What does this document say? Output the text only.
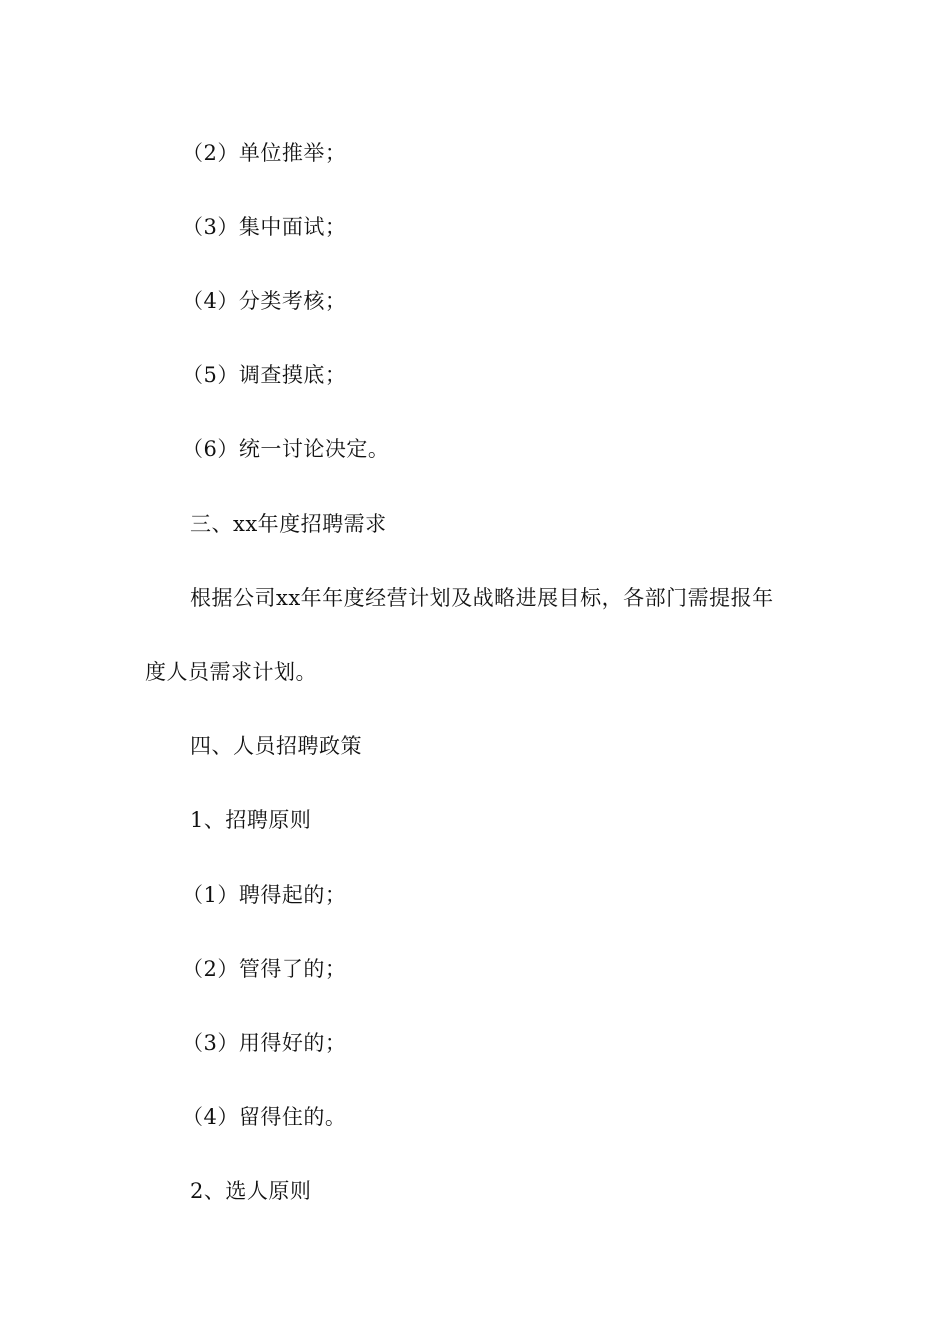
（2）单位推举；
（3）集中面试；
（4）分类考核；
（5）调查摸底；
（6）统一讨论决定。
三、xx年度招聘需求
根据公司xx年年度经营计划及战略进展目标，各部门需提报年
度人员需求计划。
四、人员招聘政策
1、招聘原则
（1）聘得起的；
（2）管得了的；
（3）用得好的；
（4）留得住的。
2、选人原则
